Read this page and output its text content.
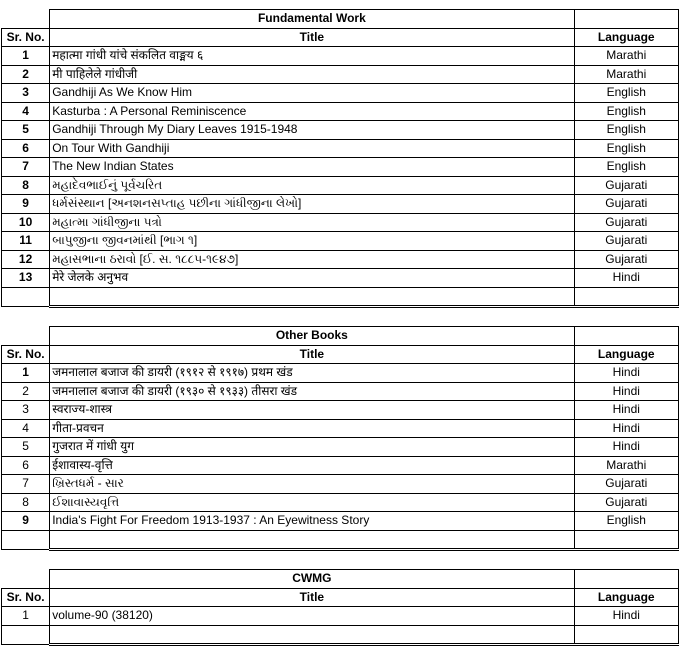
	Fundamental Work	
Sr. No.	Title	Language
1	महात्मा गांधी यांचे संकलित वाङ्मय ६	Marathi
2	मी पाहिलेले गांधीजी	Marathi
3	Gandhiji As We Know Him	English
4	Kasturba : A Personal Reminiscence	English
5	Gandhiji Through My Diary Leaves 1915-1948	English
6	On Tour With Gandhiji	English
7	The New Indian States	English
8	મહાદેવભાઈનું પૂર્વચરિત	Gujarati
9	ધર્મસંસ્થાન [અનશનસપ્તાહ પછીના ગાંધીજીના લેખો]	Gujarati
10	મહાત્મા ગાંધીજીના પત્રો	Gujarati
11	બાપુજીના જીવનમાંથી [ભાગ ૧]	Gujarati
12	મહાસભાના ઠરાવો [ઈ. સ. ૧૮૮૫-૧૯૪૭]	Gujarati
13	मेरे जेलके अनुभव	Hindi

	Other Books	
Sr. No.	Title	Language
1	जमनालाल बजाज की डायरी (१९१२ से १९१७) प्रथम खंड	Hindi
2	जमनालाल बजाज की डायरी (१९३० से १९३३) तीसरा खंड	Hindi
3	स्वराज्य-शास्त्र	Hindi
4	गीता-प्रवचन	Hindi
5	गुजरात में गांधी युग	Hindi
6	ईशावास्य-वृत्ति	Marathi
7	ખ્રિસ્તધર્મ - સાર	Gujarati
8	ઈશાવાસ્યવૃત્તિ	Gujarati
9	India's Fight For Freedom 1913-1937 : An Eyewitness Story	English

	CWMG	
Sr. No.	Title	Language
1	volume-90 (38120)	Hindi
